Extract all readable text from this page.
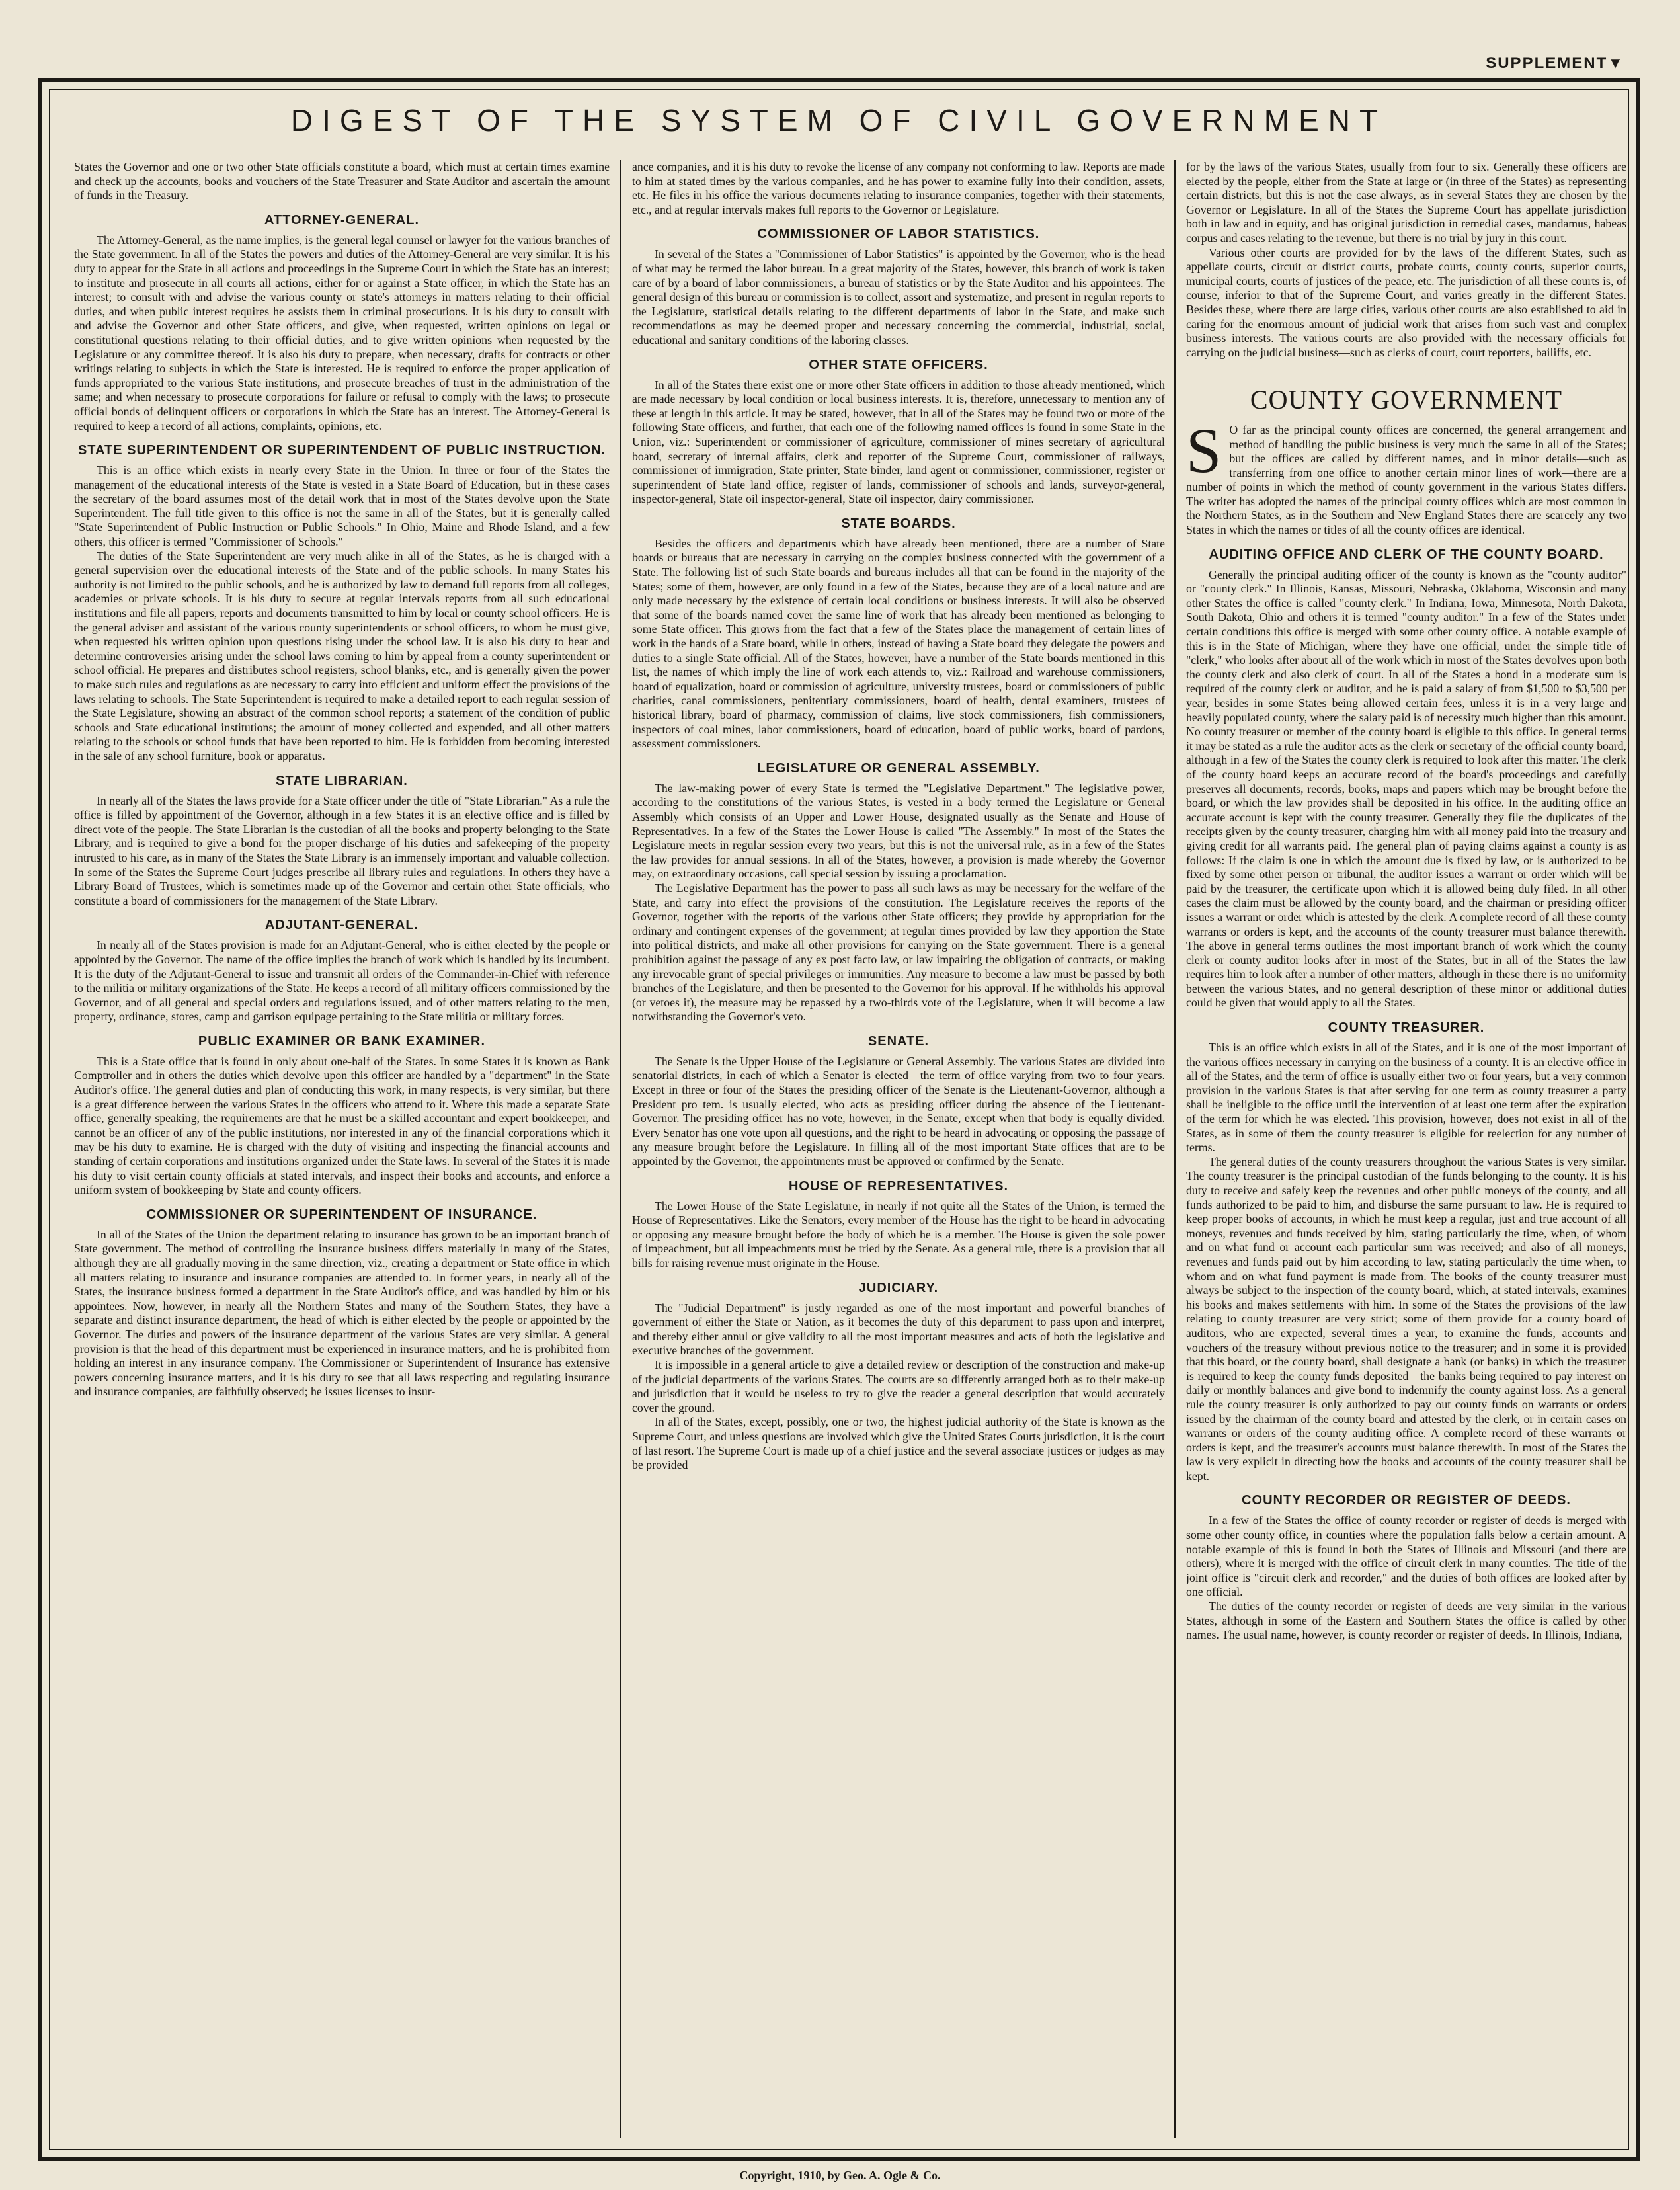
SUPPLEMENT▼
DIGEST OF THE SYSTEM OF CIVIL GOVERNMENT

States the Governor and one or two other State officials constitute a board, which must at certain times examine and check up the accounts, books and vouchers of the State Treasurer and State Auditor and ascertain the amount of funds in the Treasury.

ATTORNEY-GENERAL.

The Attorney-General, as the name implies, is the general legal counsel or lawyer for the various branches of the State government. In all of the States the powers and duties of the Attorney-General are very similar. It is his duty to appear for the State in all actions and proceedings in the Supreme Court in which the State has an interest; to institute and prosecute in all courts all actions, either for or against a State officer, in which the State has an interest; to consult with and advise the various county or state's attorneys in matters relating to their official duties, and when public interest requires he assists them in criminal prosecutions. It is his duty to consult with and advise the Governor and other State officers, and give, when requested, written opinions on legal or constitutional questions relating to their official duties, and to give written opinions when requested by the Legislature or any committee thereof. It is also his duty to prepare, when necessary, drafts for contracts or other writings relating to subjects in which the State is interested. He is required to enforce the proper application of funds appropriated to the various State institutions, and prosecute breaches of trust in the administration of the same; and when necessary to prosecute corporations for failure or refusal to comply with the laws; to prosecute official bonds of delinquent officers or corporations in which the State has an interest. The Attorney-General is required to keep a record of all actions, complaints, opinions, etc.

STATE SUPERINTENDENT OR SUPERINTENDENT OF PUBLIC INSTRUCTION.

This is an office which exists in nearly every State in the Union. In three or four of the States the management of the educational interests of the State is vested in a State Board of Education, but in these cases the secretary of the board assumes most of the detail work that in most of the States devolve upon the State Superintendent. The full title given to this office is not the same in all of the States, but it is generally called "State Superintendent of Public Instruction or Public Schools." In Ohio, Maine and Rhode Island, and a few others, this officer is termed "Commissioner of Schools."

The duties of the State Superintendent are very much alike in all of the States, as he is charged with a general supervision over the educational interests of the State and of the public schools. In many States his authority is not limited to the public schools, and he is authorized by law to demand full reports from all colleges, academies or private schools. It is his duty to secure at regular intervals reports from all such educational institutions and file all papers, reports and documents transmitted to him by local or county school officers. He is the general adviser and assistant of the various county superintendents or school officers, to whom he must give, when requested his written opinion upon questions rising under the school law. It is also his duty to hear and determine controversies arising under the school laws coming to him by appeal from a county superintendent or school official. He prepares and distributes school registers, school blanks, etc., and is generally given the power to make such rules and regulations as are necessary to carry into efficient and uniform effect the provisions of the laws relating to schools. The State Superintendent is required to make a detailed report to each regular session of the State Legislature, showing an abstract of the common school reports; a statement of the condition of public schools and State educational institutions; the amount of money collected and expended, and all other matters relating to the schools or school funds that have been reported to him. He is forbidden from becoming interested in the sale of any school furniture, book or apparatus.

STATE LIBRARIAN.

In nearly all of the States the laws provide for a State officer under the title of "State Librarian." As a rule the office is filled by appointment of the Governor, although in a few States it is an elective office and is filled by direct vote of the people. The State Librarian is the custodian of all the books and property belonging to the State Library, and is required to give a bond for the proper discharge of his duties and safekeeping of the property intrusted to his care, as in many of the States the State Library is an immensely important and valuable collection. In some of the States the Supreme Court judges prescribe all library rules and regulations. In others they have a Library Board of Trustees, which is sometimes made up of the Governor and certain other State officials, who constitute a board of commissioners for the management of the State Library.

ADJUTANT-GENERAL.

In nearly all of the States provision is made for an Adjutant-General, who is either elected by the people or appointed by the Governor. The name of the office implies the branch of work which is handled by its incumbent. It is the duty of the Adjutant-General to issue and transmit all orders of the Commander-in-Chief with reference to the militia or military organizations of the State. He keeps a record of all military officers commissioned by the Governor, and of all general and special orders and regulations issued, and of other matters relating to the men, property, ordinance, stores, camp and garrison equipage pertaining to the State militia or military forces.

PUBLIC EXAMINER OR BANK EXAMINER.

This is a State office that is found in only about one-half of the States. In some States it is known as Bank Comptroller and in others the duties which devolve upon this officer are handled by a "department" in the State Auditor's office. The general duties and plan of conducting this work, in many respects, is very similar, but there is a great difference between the various States in the officers who attend to it. Where this made a separate State office, generally speaking, the requirements are that he must be a skilled accountant and expert bookkeeper, and cannot be an officer of any of the public institutions, nor interested in any of the financial corporations which it may be his duty to examine. He is charged with the duty of visiting and inspecting the financial accounts and standing of certain corporations and institutions organized under the State laws. In several of the States it is made his duty to visit certain county officials at stated intervals, and inspect their books and accounts, and enforce a uniform system of bookkeeping by State and county officers.

COMMISSIONER OR SUPERINTENDENT OF INSURANCE.

In all of the States of the Union the department relating to insurance has grown to be an important branch of State government. The method of controlling the insurance business differs materially in many of the States, although they are all gradually moving in the same direction, viz., creating a department or State office in which all matters relating to insurance and insurance companies are attended to. In former years, in nearly all of the States, the insurance business formed a department in the State Auditor's office, and was handled by him or his appointees. Now, however, in nearly all the Northern States and many of the Southern States, they have a separate and distinct insurance department, the head of which is either elected by the people or appointed by the Governor. The duties and powers of the insurance department of the various States are very similar. A general provision is that the head of this department must be experienced in insurance matters, and he is prohibited from holding an interest in any insurance company. The Commissioner or Superintendent of Insurance has extensive powers concerning insurance matters, and it is his duty to see that all laws respecting and regulating insurance and insurance companies, are faithfully observed; he issues licenses to insur-

ance companies, and it is his duty to revoke the license of any company not conforming to law. Reports are made to him at stated times by the various companies, and he has power to examine fully into their condition, assets, etc. He files in his office the various documents relating to insurance companies, together with their statements, etc., and at regular intervals makes full reports to the Governor or Legislature.

COMMISSIONER OF LABOR STATISTICS.

In several of the States a "Commissioner of Labor Statistics" is appointed by the Governor, who is the head of what may be termed the labor bureau. In a great majority of the States, however, this branch of work is taken care of by a board of labor commissioners, a bureau of statistics or by the State Auditor and his appointees. The general design of this bureau or commission is to collect, assort and systematize, and present in regular reports to the Legislature, statistical details relating to the different departments of labor in the State, and make such recommendations as may be deemed proper and necessary concerning the commercial, industrial, social, educational and sanitary conditions of the laboring classes.

OTHER STATE OFFICERS.

In all of the States there exist one or more other State officers in addition to those already mentioned, which are made necessary by local condition or local business interests. It is, therefore, unnecessary to mention any of these at length in this article. It may be stated, however, that in all of the States may be found two or more of the following State officers, and further, that each one of the following named offices is found in some State in the Union, viz.: Superintendent or commissioner of agriculture, commissioner of mines secretary of agricultural board, secretary of internal affairs, clerk and reporter of the Supreme Court, commissioner of railways, commissioner of immigration, State printer, State binder, land agent or commissioner, commissioner, register or superintendent of State land office, register of lands, commissioner of schools and lands, surveyor-general, inspector-general, State oil inspector-general, State oil inspector, dairy commissioner.

STATE BOARDS.

Besides the officers and departments which have already been mentioned, there are a number of State boards or bureaus that are necessary in carrying on the complex business connected with the government of a State. The following list of such State boards and bureaus includes all that can be found in the majority of the States; some of them, however, are only found in a few of the States, because they are of a local nature and are only made necessary by the existence of certain local conditions or business interests. It will also be observed that some of the boards named cover the same line of work that has already been mentioned as belonging to some State officer. This grows from the fact that a few of the States place the management of certain lines of work in the hands of a State board, while in others, instead of having a State board they delegate the powers and duties to a single State official. All of the States, however, have a number of the State boards mentioned in this list, the names of which imply the line of work each attends to, viz.: Railroad and warehouse commissioners, board of equalization, board or commission of agriculture, university trustees, board or commissioners of public charities, canal commissioners, penitentiary commissioners, board of health, dental examiners, trustees of historical library, board of pharmacy, commission of claims, live stock commissioners, fish commissioners, inspectors of coal mines, labor commissioners, board of education, board of public works, board of pardons, assessment commissioners.

LEGISLATURE OR GENERAL ASSEMBLY.

The law-making power of every State is termed the "Legislative Department." The legislative power, according to the constitutions of the various States, is vested in a body termed the Legislature or General Assembly which consists of an Upper and Lower House, designated usually as the Senate and House of Representatives. In a few of the States the Lower House is called "The Assembly." In most of the States the Legislature meets in regular session every two years, but this is not the universal rule, as in a few of the States the law provides for annual sessions. In all of the States, however, a provision is made whereby the Governor may, on extraordinary occasions, call special session by issuing a proclamation.

The Legislative Department has the power to pass all such laws as may be necessary for the welfare of the State, and carry into effect the provisions of the constitution. The Legislature receives the reports of the Governor, together with the reports of the various other State officers; they provide by appropriation for the ordinary and contingent expenses of the government; at regular times provided by law they apportion the State into political districts, and make all other provisions for carrying on the State government. There is a general prohibition against the passage of any ex post facto law, or law impairing the obligation of contracts, or making any irrevocable grant of special privileges or immunities. Any measure to become a law must be passed by both branches of the Legislature, and then be presented to the Governor for his approval. If he withholds his approval (or vetoes it), the measure may be repassed by a two-thirds vote of the Legislature, when it will become a law notwithstanding the Governor's veto.

SENATE.

The Senate is the Upper House of the Legislature or General Assembly. The various States are divided into senatorial districts, in each of which a Senator is elected—the term of office varying from two to four years. Except in three or four of the States the presiding officer of the Senate is the Lieutenant-Governor, although a President pro tem. is usually elected, who acts as presiding officer during the absence of the Lieutenant-Governor. The presiding officer has no vote, however, in the Senate, except when that body is equally divided. Every Senator has one vote upon all questions, and the right to be heard in advocating or opposing the passage of any measure brought before the Legislature. In filling all of the most important State offices that are to be appointed by the Governor, the appointments must be approved or confirmed by the Senate.

HOUSE OF REPRESENTATIVES.

The Lower House of the State Legislature, in nearly if not quite all the States of the Union, is termed the House of Representatives. Like the Senators, every member of the House has the right to be heard in advocating or opposing any measure brought before the body of which he is a member. The House is given the sole power of impeachment, but all impeachments must be tried by the Senate. As a general rule, there is a provision that all bills for raising revenue must originate in the House.

JUDICIARY.

The "Judicial Department" is justly regarded as one of the most important and powerful branches of government of either the State or Nation, as it becomes the duty of this department to pass upon and interpret, and thereby either annul or give validity to all the most important measures and acts of both the legislative and executive branches of the government.

It is impossible in a general article to give a detailed review or description of the construction and make-up of the judicial departments of the various States. The courts are so differently arranged both as to their make-up and jurisdiction that it would be useless to try to give the reader a general description that would accurately cover the ground.

In all of the States, except, possibly, one or two, the highest judicial authority of the State is known as the Supreme Court, and unless questions are involved which give the United States Courts jurisdiction, it is the court of last resort. The Supreme Court is made up of a chief justice and the several associate justices or judges as may be provided

for by the laws of the various States, usually from four to six. Generally these officers are elected by the people, either from the State at large or (in three of the States) as representing certain districts, but this is not the case always, as in several States they are chosen by the Governor or Legislature. In all of the States the Supreme Court has appellate jurisdiction both in law and in equity, and has original jurisdiction in remedial cases, mandamus, habeas corpus and cases relating to the revenue, but there is no trial by jury in this court.

Various other courts are provided for by the laws of the different States, such as appellate courts, circuit or district courts, probate courts, county courts, superior courts, municipal courts, courts of justices of the peace, etc. The jurisdiction of all these courts is, of course, inferior to that of the Supreme Court, and varies greatly in the different States. Besides these, where there are large cities, various other courts are also established to aid in caring for the enormous amount of judicial work that arises from such vast and complex business interests. The various courts are also provided with the necessary officials for carrying on the judicial business—such as clerks of court, court reporters, bailiffs, etc.

COUNTY GOVERNMENT

S O far as the principal county offices are concerned, the general arrangement and method of handling the public business is very much the same in all of the States; but the offices are called by different names, and in minor details—such as transferring from one office to another certain minor lines of work—there are a number of points in which the method of county government in the various States differs. The writer has adopted the names of the principal county offices which are most common in the Northern States, as in the Southern and New England States there are scarcely any two States in which the names or titles of all the county offices are identical.

AUDITING OFFICE AND CLERK OF THE COUNTY BOARD.

Generally the principal auditing officer of the county is known as the "county auditor" or "county clerk." In Illinois, Kansas, Missouri, Nebraska, Oklahoma, Wisconsin and many other States the office is called "county clerk." In Indiana, Iowa, Minnesota, North Dakota, South Dakota, Ohio and others it is termed "county auditor." In a few of the States under certain conditions this office is merged with some other county office. A notable example of this is in the State of Michigan, where they have one official, under the simple title of "clerk," who looks after about all of the work which in most of the States devolves upon both the county clerk and also clerk of court. In all of the States a bond in a moderate sum is required of the county clerk or auditor, and he is paid a salary of from $1,500 to $3,500 per year, besides in some States being allowed certain fees, unless it is in a very large and heavily populated county, where the salary paid is of necessity much higher than this amount. No county treasurer or member of the county board is eligible to this office. In general terms it may be stated as a rule the auditor acts as the clerk or secretary of the official county board, although in a few of the States the county clerk is required to look after this matter. The clerk of the county board keeps an accurate record of the board's proceedings and carefully preserves all documents, records, books, maps and papers which may be brought before the board, or which the law provides shall be deposited in his office. In the auditing office an accurate account is kept with the county treasurer. Generally they file the duplicates of the receipts given by the county treasurer, charging him with all money paid into the treasury and giving credit for all warrants paid. The general plan of paying claims against a county is as follows: If the claim is one in which the amount due is fixed by law, or is authorized to be fixed by some other person or tribunal, the auditor issues a warrant or order which will be paid by the treasurer, the certificate upon which it is allowed being duly filed. In all other cases the claim must be allowed by the county board, and the chairman or presiding officer issues a warrant or order which is attested by the clerk. A complete record of all these county warrants or orders is kept, and the accounts of the county treasurer must balance therewith. The above in general terms outlines the most important branch of work which the county clerk or county auditor looks after in most of the States, but in all of the States the law requires him to look after a number of other matters, although in these there is no uniformity between the various States, and no general description of these minor or additional duties could be given that would apply to all the States.

COUNTY TREASURER.

This is an office which exists in all of the States, and it is one of the most important of the various offices necessary in carrying on the business of a county. It is an elective office in all of the States, and the term of office is usually either two or four years, but a very common provision in the various States is that after serving for one term as county treasurer a party shall be ineligible to the office until the intervention of at least one term after the expiration of the term for which he was elected. This provision, however, does not exist in all of the States, as in some of them the county treasurer is eligible for reelection for any number of terms.

The general duties of the county treasurers throughout the various States is very similar. The county treasurer is the principal custodian of the funds belonging to the county. It is his duty to receive and safely keep the revenues and other public moneys of the county, and all funds authorized to be paid to him, and disburse the same pursuant to law. He is required to keep proper books of accounts, in which he must keep a regular, just and true account of all moneys, revenues and funds received by him, stating particularly the time, when, of whom and on what fund or account each particular sum was received; and also of all moneys, revenues and funds paid out by him according to law, stating particularly the time when, to whom and on what fund payment is made from. The books of the county treasurer must always be subject to the inspection of the county board, which, at stated intervals, examines his books and makes settlements with him. In some of the States the provisions of the law relating to county treasurer are very strict; some of them provide for a county board of auditors, who are expected, several times a year, to examine the funds, accounts and vouchers of the treasury without previous notice to the treasurer; and in some it is provided that this board, or the county board, shall designate a bank (or banks) in which the treasurer is required to keep the county funds deposited—the banks being required to pay interest on daily or monthly balances and give bond to indemnify the county against loss. As a general rule the county treasurer is only authorized to pay out county funds on warrants or orders issued by the chairman of the county board and attested by the clerk, or in certain cases on warrants or orders of the county auditing office. A complete record of these warrants or orders is kept, and the treasurer's accounts must balance therewith. In most of the States the law is very explicit in directing how the books and accounts of the county treasurer shall be kept.

COUNTY RECORDER OR REGISTER OF DEEDS.

In a few of the States the office of county recorder or register of deeds is merged with some other county office, in counties where the population falls below a certain amount. A notable example of this is found in both the States of Illinois and Missouri (and there are others), where it is merged with the office of circuit clerk in many counties. The title of the joint office is "circuit clerk and recorder," and the duties of both offices are looked after by one official.

The duties of the county recorder or register of deeds are very similar in the various States, although in some of the Eastern and Southern States the office is called by other names. The usual name, however, is county recorder or register of deeds. In Illinois, Indiana,

Copyright, 1910, by Geo. A. Ogle & Co.
